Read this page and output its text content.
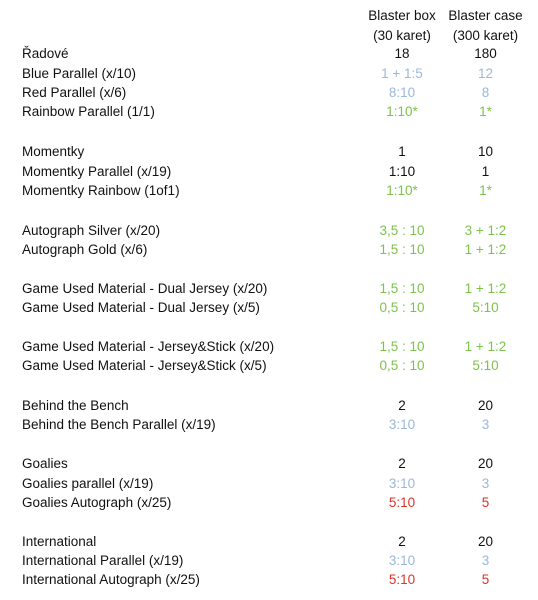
Blaster box
(30 karet)
Blaster case
(300 karet)
Řadové	18	180
Blue Parallel (x/10)	1 + 1:5	12
Red Parallel (x/6)	8:10	8
Rainbow Parallel (1/1)	1:10*	1*
Momentky	1	10
Momentky Parallel (x/19)	1:10	1
Momentky Rainbow (1of1)	1:10*	1*
Autograph Silver (x/20)	3,5 : 10	3 + 1:2
Autograph Gold (x/6)	1,5 : 10	1 + 1:2
Game Used Material - Dual Jersey (x/20)	1,5 : 10	1 + 1:2
Game Used Material - Dual Jersey (x/5)	0,5 : 10	5:10
Game Used Material - Jersey&Stick (x/20)	1,5 : 10	1 + 1:2
Game Used Material - Jersey&Stick (x/5)	0,5 : 10	5:10
Behind the Bench	2	20
Behind the Bench Parallel (x/19)	3:10	3
Goalies	2	20
Goalies parallel (x/19)	3:10	3
Goalies Autograph (x/25)	5:10	5
International	2	20
International Parallel (x/19)	3:10	3
International Autograph (x/25)	5:10	5
